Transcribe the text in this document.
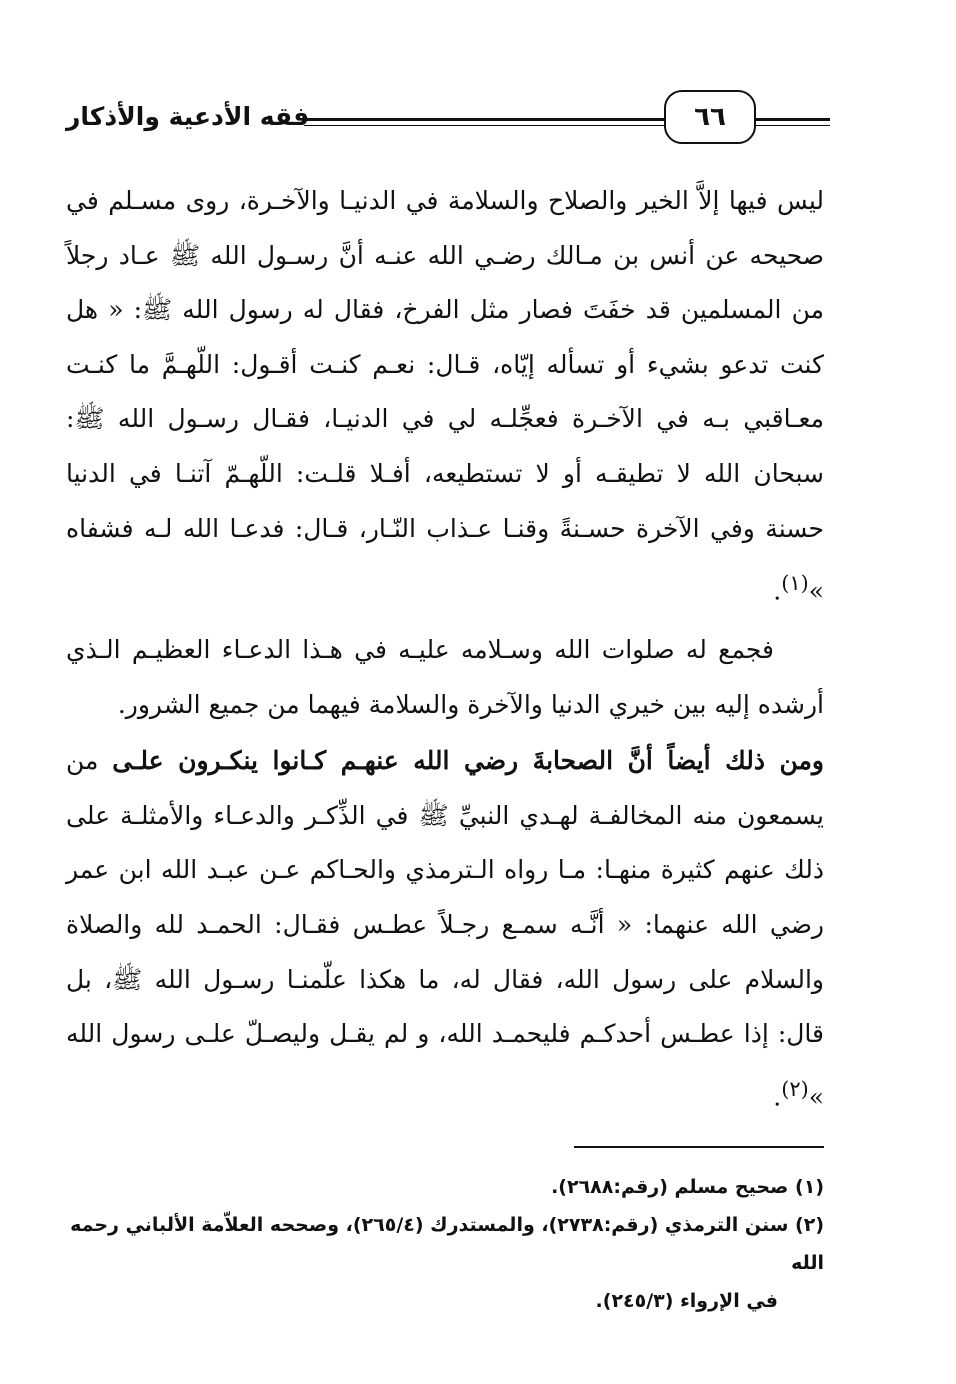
فقه الأدعية والأذكار	٦٦

ليس فيها إلاَّ الخير والصلاح والسلامة في الدنيـا والآخـرة، روى مسـلم في صحيحه عن أنس بن مـالك رضـي الله عنـه أنَّ رسـول الله ﷺ عـاد رجلاً من المسلمين قد خفَتَ فصار مثل الفرخ، فقال له رسول الله ﷺ: « هل كنت تدعو بشيء أو تسأله إيّاه، قـال: نعـم كنـت أقـول: اللّهـمَّ ما كنـت معـاقبي بـه في الآخـرة فعجِّلـه لي في الدنيـا، فقـال رسـول الله ﷺ: سبحان الله لا تطيقـه أو لا تستطيعه، أفـلا قلـت: اللّهـمّ آتنـا في الدنيا حسنة وفي الآخرة حسـنةً وقنـا عـذاب النّـار، قـال: فدعـا الله لـه فشفاه »$^{(١)}$.

فجمع له صلوات الله وسـلامه عليـه في هـذا الدعـاء العظيـم الـذي أرشده إليه بين خيري الدنيا والآخرة والسلامة فيهما من جميع الشرور.

ومن ذلك أيضاً أنَّ الصحابةَ رضي الله عنهـم كـانوا ينكـرون علـى من يسمعون منه المخالفـة لهـدي النبيِّ ﷺ في الذِّكـر والدعـاء والأمثلـة على ذلك عنهم كثيرة منهـا: مـا رواه الـترمذي والحـاكم عـن عبـد الله ابن عمر رضي الله عنهما: « أنَّـه سمـع رجـلاً عطـس فقـال: الحمـد لله والصلاة والسلام على رسول الله، فقال له، ما هكذا علّمنـا رسـول الله ﷺ، بل قال: إذا عطـس أحدكـم فليحمـد الله، و لم يقـل وليصـلّ علـى رسول الله »$^{(٢)}$.

(١) صحيح مسلم (رقم:٢٦٨٨).

(٢) سنن الترمذي (رقم:٢٧٣٨)، والمستدرك (٢٦٥/٤)، وصححه العلاّمة الألباني رحمه الله

في الإرواء (٢٤٥/٣).
